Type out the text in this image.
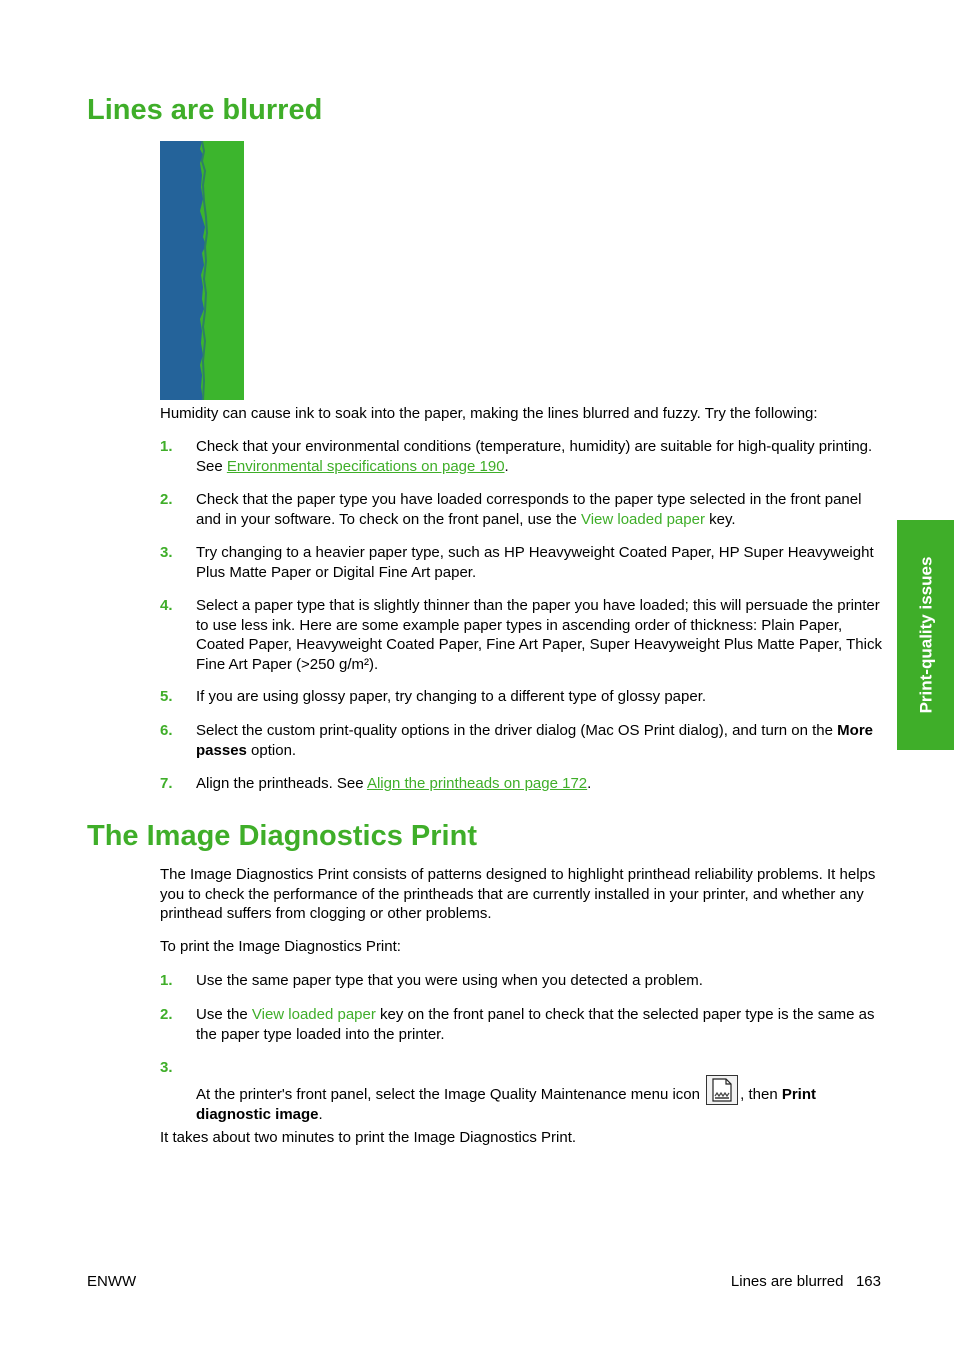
Lines are blurred

Humidity can cause ink to soak into the paper, making the lines blurred and fuzzy. Try the following:

1.	Check that your environmental conditions (temperature, humidity) are suitable for high-quality printing. See Environmental specifications on page 190.
2.	Check that the paper type you have loaded corresponds to the paper type selected in the front panel and in your software. To check on the front panel, use the View loaded paper key.
3.	Try changing to a heavier paper type, such as HP Heavyweight Coated Paper, HP Super Heavyweight Plus Matte Paper or Digital Fine Art paper.
4.	Select a paper type that is slightly thinner than the paper you have loaded; this will persuade the printer to use less ink. Here are some example paper types in ascending order of thickness: Plain Paper, Coated Paper, Heavyweight Coated Paper, Fine Art Paper, Super Heavyweight Plus Matte Paper, Thick Fine Art Paper (>250 g/m²).
5.	If you are using glossy paper, try changing to a different type of glossy paper.
6.	Select the custom print-quality options in the driver dialog (Mac OS Print dialog), and turn on the More passes option.
7.	Align the printheads. See Align the printheads on page 172.
The Image Diagnostics Print

The Image Diagnostics Print consists of patterns designed to highlight printhead reliability problems. It helps you to check the performance of the printheads that are currently installed in your printer, and whether any printhead suffers from clogging or other problems.

To print the Image Diagnostics Print:

1.	Use the same paper type that you were using when you detected a problem.
2.	Use the View loaded paper key on the front panel to check that the selected paper type is the same as the paper type loaded into the printer.
3.
At the printer's front panel, select the Image Quality Maintenance menu icon , then Print diagnostic image.

It takes about two minutes to print the Image Diagnostics Print.

Print-quality issues
ENWW	Lines are blurred   163
